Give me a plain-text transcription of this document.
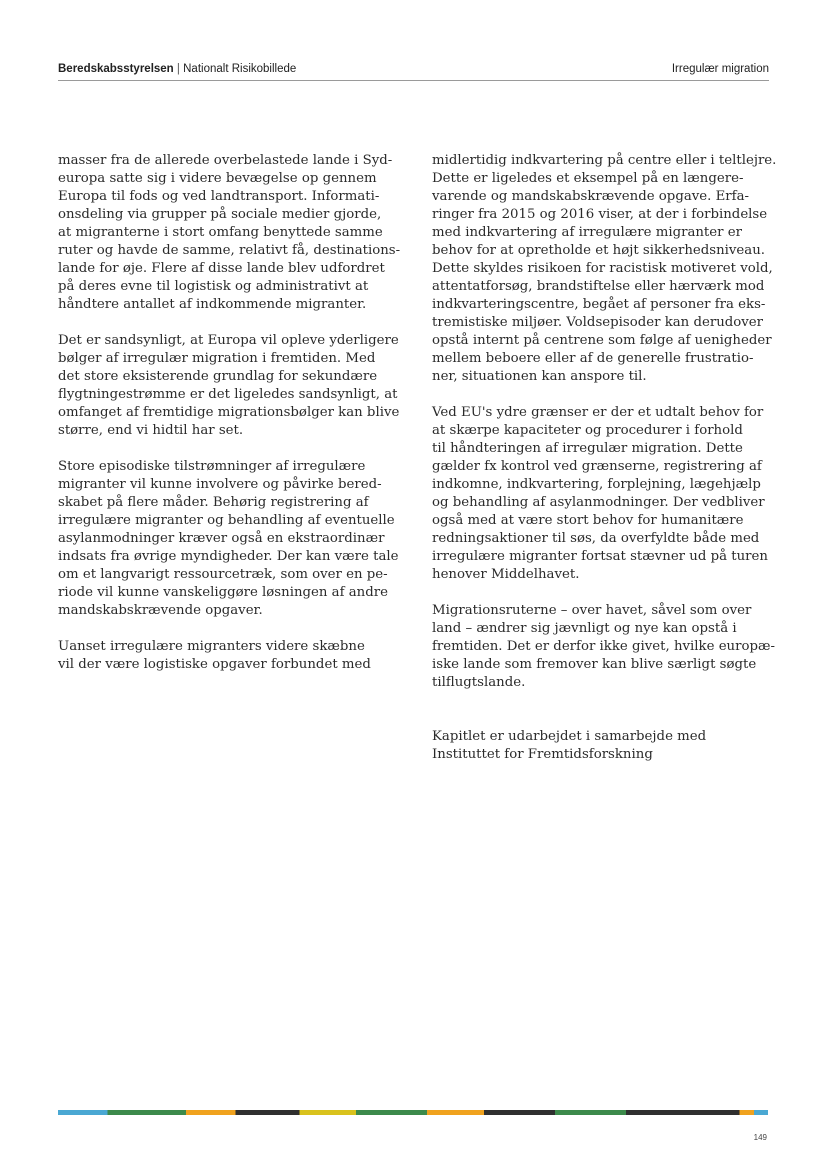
Beredskabsstyrelsen | Nationalt Risikobillede	Irregulær migration
masser fra de allerede overbelastede lande i Syd-
europa satte sig i videre bevægelse op gennem
Europa til fods og ved landtransport. Informati-
onsdeling via grupper på sociale medier gjorde,
at migranterne i stort omfang benyttede samme
ruter og havde de samme, relativt få, destinations-
lande for øje. Flere af disse lande blev udfordret
på deres evne til logistisk og administrativt at
håndtere antallet af indkommende migranter.
Det er sandsynligt, at Europa vil opleve yderligere
bølger af irregulær migration i fremtiden. Med
det store eksisterende grundlag for sekundære
flygtningestrømme er det ligeledes sandsynligt, at
omfanget af fremtidige migrationsbølger kan blive
større, end vi hidtil har set.
Store episodiske tilstrømninger af irregulære
migranter vil kunne involvere og påvirke bered-
skabet på flere måder. Behørig registrering af
irregulære migranter og behandling af eventuelle
asylanmodninger kræver også en ekstraordinær
indsats fra øvrige myndigheder. Der kan være tale
om et langvarigt ressourcetræk, som over en pe-
riode vil kunne vanskeliggøre løsningen af andre
mandskabskrævende opgaver.
Uanset irregulære migranters videre skæbne
vil der være logistiske opgaver forbundet med
midlertidig indkvartering på centre eller i teltlejre.
Dette er ligeledes et eksempel på en længere-
varende og mandskabskrævende opgave. Erfa-
ringer fra 2015 og 2016 viser, at der i forbindelse
med indkvartering af irregulære migranter er
behov for at opretholde et højt sikkerhedsniveau.
Dette skyldes risikoen for racistisk motiveret vold,
attentatforsøg, brandstiftelse eller hærværk mod
indkvarteringscentre, begået af personer fra eks-
tremistiske miljøer. Voldsepisoder kan derudover
opstå internt på centrene som følge af uenigheder
mellem beboere eller af de generelle frustratio-
ner, situationen kan anspore til.
Ved EU's ydre grænser er der et udtalt behov for
at skærpe kapaciteter og procedurer i forhold
til håndteringen af irregulær migration. Dette
gælder fx kontrol ved grænserne, registrering af
indkomne, indkvartering, forplejning, lægehjælp
og behandling af asylanmodninger. Der vedbliver
også med at være stort behov for humanitære
redningsaktioner til søs, da overfyldte både med
irregulære migranter fortsat stævner ud på turen
henover Middelhavet.
Migrationsruterne – over havet, såvel som over
land – ændrer sig jævnligt og nye kan opstå i
fremtiden. Det er derfor ikke givet, hvilke europæ-
iske lande som fremover kan blive særligt søgte
tilflugtslande.
Kapitlet er udarbejdet i samarbejde med
Instituttet for Fremtidsforskning
149
